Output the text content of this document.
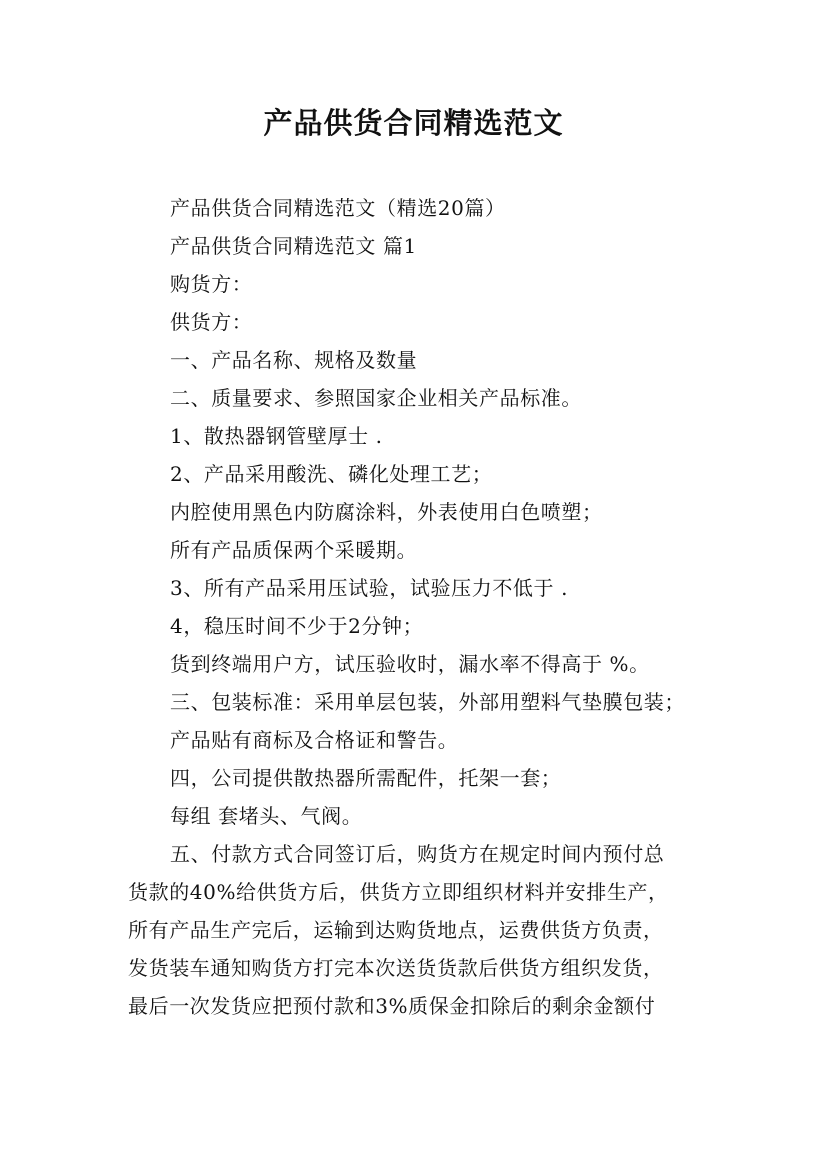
产品供货合同精选范文
产品供货合同精选范文（精选20篇）
产品供货合同精选范文 篇1
购货方：
供货方：
一、产品名称、规格及数量
二、质量要求、参照国家企业相关产品标准。
1、散热器钢管壁厚士 .
2、产品采用酸洗、磷化处理工艺；
内腔使用黑色内防腐涂料，外表使用白色喷塑；
所有产品质保两个采暖期。
3、所有产品采用压试验，试验压力不低于 .
4，稳压时间不少于2分钟；
货到终端用户方，试压验收时，漏水率不得高于 %。
三、包装标准：采用单层包装，外部用塑料气垫膜包装；
产品贴有商标及合格证和警告。
四，公司提供散热器所需配件，托架一套；
每组 套堵头、气阀。
五、付款方式合同签订后，购货方在规定时间内预付总
货款的40%给供货方后，供货方立即组织材料并安排生产，
所有产品生产完后，运输到达购货地点，运费供货方负责，
发货装车通知购货方打完本次送货货款后供货方组织发货，
最后一次发货应把预付款和3%质保金扣除后的剩余金额付
